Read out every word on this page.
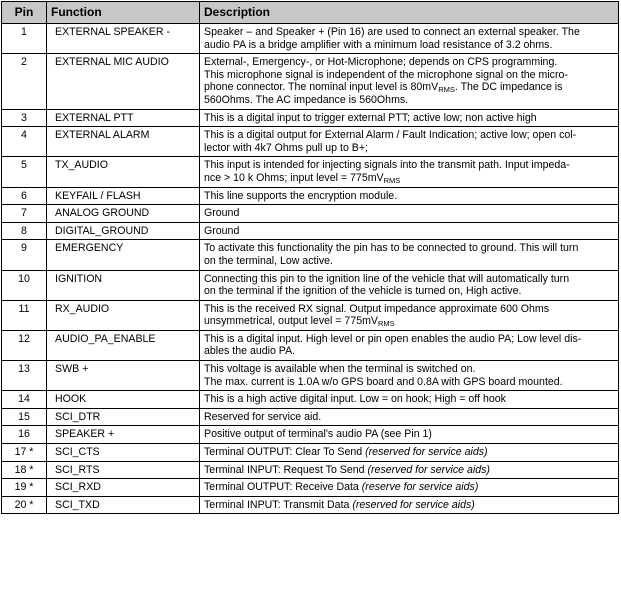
Pin	Function	Description
1	EXTERNAL SPEAKER -	Speaker – and Speaker + (Pin 16) are used to connect an external speaker. The
audio PA is a bridge amplifier with a minimum load resistance of 3.2 ohms.

2	EXTERNAL MIC AUDIO	External-, Emergency-, or Hot-Microphone; depends on CPS programming.
This microphone signal is independent of the microphone signal on the micro-
phone connector. The nominal input level is $80mV_{RMS}$. The DC impedance is
560Ohms. The AC impedance is 560Ohms.

3	EXTERNAL PTT	This is a digital input to trigger external PTT; active low; non active high

4	EXTERNAL ALARM	This is a digital output for External Alarm / Fault Indication; active low; open col-
lector with 4k7 Ohms pull up to B+;

5	TX_AUDIO	This input is intended for injecting signals into the transmit path. Input impeda-
nce > 10 k Ohms; input level = $775mV_{RMS}$

6	KEYFAIL / FLASH	This line supports the encryption module.

7	ANALOG GROUND	Ground

8	DIGITAL_GROUND	Ground

9	EMERGENCY	To activate this functionality the pin has to be connected to ground. This will turn
on the terminal, Low active.

10	IGNITION	Connecting this pin to the ignition line of the vehicle that will automatically turn
on the terminal if the ignition of the vehicle is turned on, High active.

11	RX_AUDIO	This is the received RX signal. Output impedance approximate 600 Ohms
unsymmetrical, output level = $775mV_{RMS}$

12	AUDIO_PA_ENABLE	This is a digital input. High level or pin open enables the audio PA; Low level dis-
ables the audio PA.

13	SWB +	This voltage is available when the terminal is switched on.
The max. current is 1.0A w/o GPS board and 0.8A with GPS board mounted.

14	HOOK	This is a high active digital input. Low = on hook; High = off hook

15	SCI_DTR	Reserved for service aid.

16	SPEAKER +	Positive output of terminal's audio PA (see Pin 1)

17 *	SCI_CTS	Terminal OUTPUT: Clear To Send (reserved for service aids)

18 *	SCI_RTS	Terminal INPUT: Request To Send (reserved for service aids)

19 *	SCI_RXD	Terminal OUTPUT: Receive Data (reserve for service aids)

20 *	SCI_TXD	Terminal INPUT: Transmit Data (reserved for service aids)
